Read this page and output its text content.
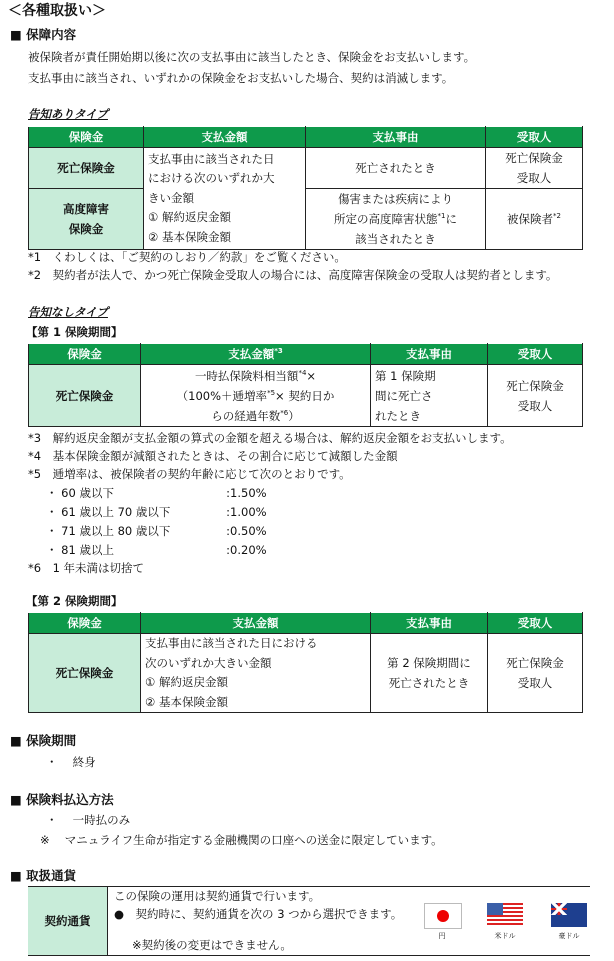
＜各種取扱い＞
■ 保障内容
被保険者が責任開始期以後に次の支払事由に該当したとき、保険金をお支払いします。
支払事由に該当され、いずれかの保険金をお支払いした場合、契約は消滅します。
告知ありタイプ
保険金	支払金額	支払事由	受取人
死亡保険金	支払事由に該当された日
における次のいずれか大
きい金額
① 解約返戻金額
② 基本保険金額	死亡されたとき	死亡保険金
受取人
高度障害
保険金		傷害または疾病により
所定の高度障害状態$^{*1}$に
該当されたとき	被保険者$^{*2}$
*1　くわしくは、「ご契約のしおり／約款」をご覧ください。
*2　契約者が法人で、かつ死亡保険金受取人の場合には、高度障害保険金の受取人は契約者とします。
告知なしタイプ
【第 1 保険期間】
保険金	支払金額$^{*3}$	支払事由	受取人
死亡保険金	一時払保険料相当額$^{*4}$×
（100%＋逓増率$^{*5}$× 契約日か
らの経過年数$^{*6}$）	第 1 保険期
間に死亡さ
れたとき	死亡保険金
受取人
*3　解約返戻金額が支払金額の算式の金額を超える場合は、解約返戻金額をお支払いします。
*4　基本保険金額が減額されたときは、その割合に応じて減額した金額
*5　逓増率は、被保険者の契約年齢に応じて次のとおりです。
・ 60 歳以下	:1.50%
・ 61 歳以上 70 歳以下	:1.00%
・ 71 歳以上 80 歳以下	:0.50%
・ 81 歳以上	:0.20%
*6　1 年未満は切捨て
【第 2 保険期間】
保険金	支払金額	支払事由	受取人
死亡保険金	支払事由に該当された日における
次のいずれか大きい金額
① 解約返戻金額
② 基本保険金額	第 2 保険期間に
死亡されたとき	死亡保険金
受取人
■ 保険期間
・　 終身
■ 保険料払込方法
・　 一時払のみ
※　 マニュライフ生命が指定する金融機関の口座への送金に限定しています。
■ 取扱通貨
契約通貨
この保険の運用は契約通貨で行います。
●　契約時に、契約通貨を次の 3 つから選択できます。
※契約後の変更はできません。
円	米ドル	豪ドル
